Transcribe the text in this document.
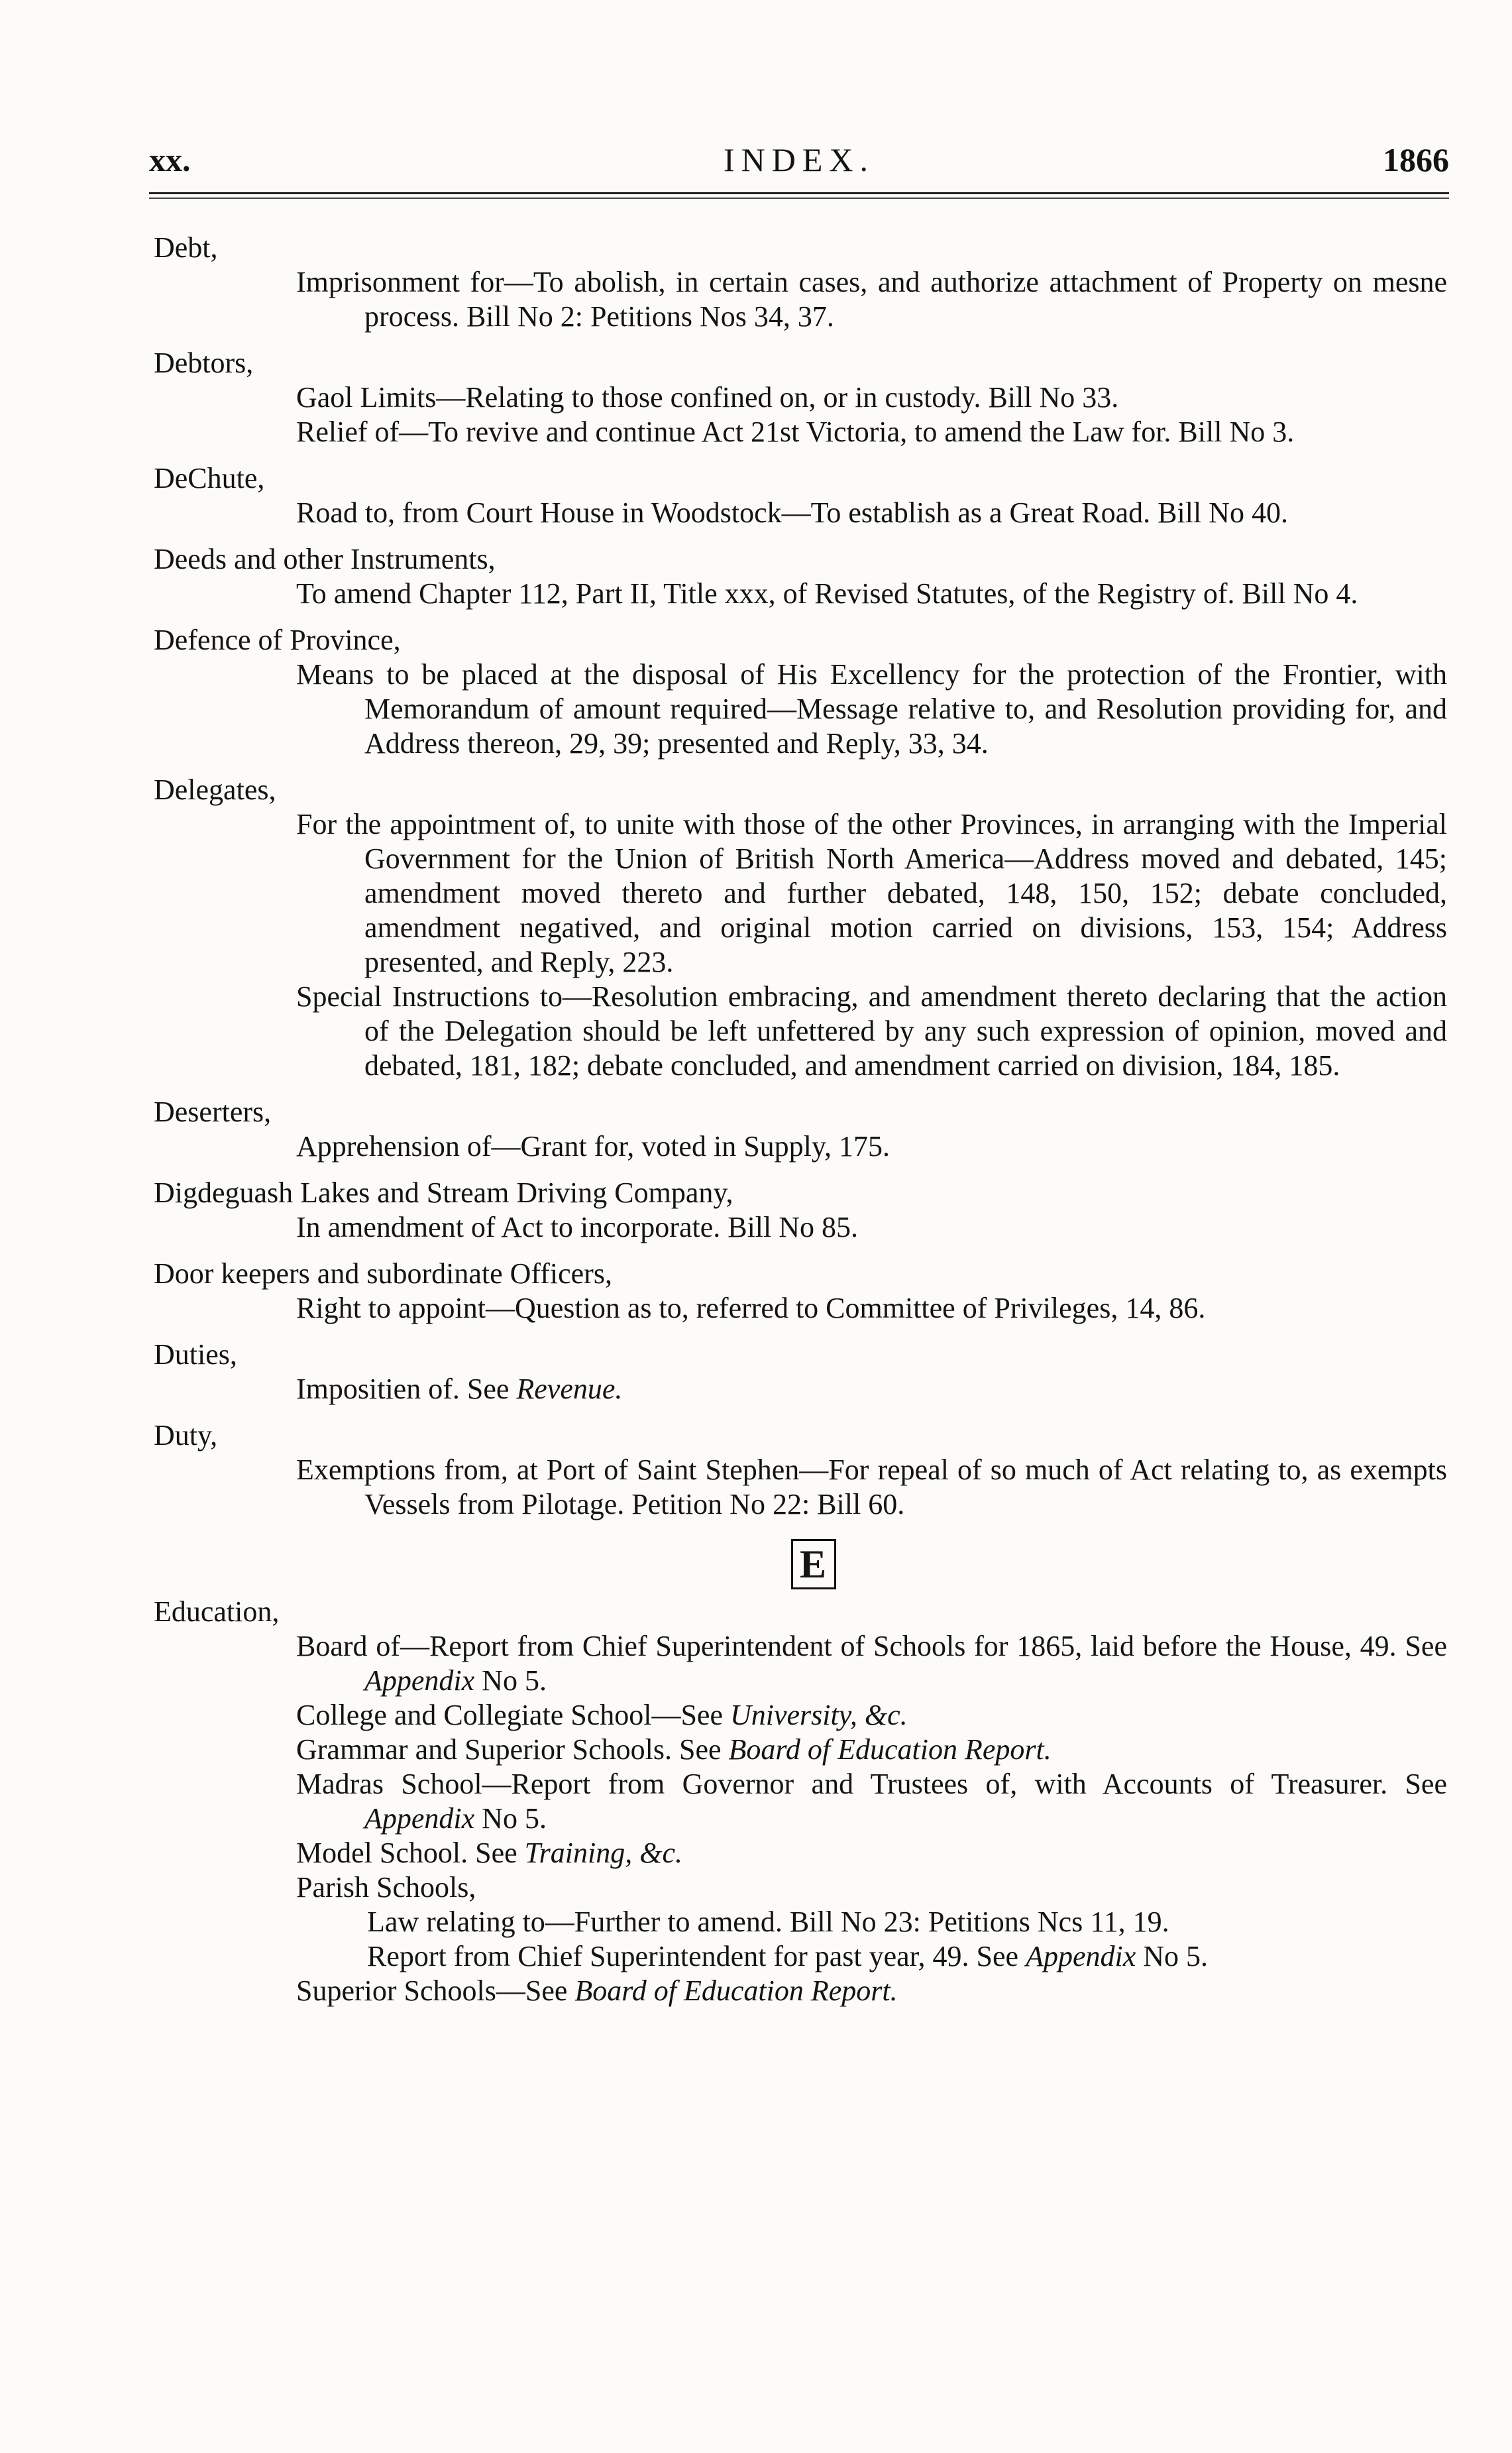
xx.	INDEX.	1866
Debt,
Imprisonment for—To abolish, in certain cases, and authorize attachment of Property on mesne process. Bill No 2: Petitions Nos 34, 37.
Debtors,
Gaol Limits—Relating to those confined on, or in custody. Bill No 33.
Relief of—To revive and continue Act 21st Victoria, to amend the Law for. Bill No 3.
DeChute,
Road to, from Court House in Woodstock—To establish as a Great Road. Bill No 40.
Deeds and other Instruments,
To amend Chapter 112, Part II, Title xxx, of Revised Statutes, of the Registry of. Bill No 4.
Defence of Province,
Means to be placed at the disposal of His Excellency for the protection of the Frontier, with Memorandum of amount required—Message relative to, and Resolution providing for, and Address thereon, 29, 39; presented and Reply, 33, 34.
Delegates,
For the appointment of, to unite with those of the other Provinces, in arranging with the Imperial Government for the Union of British North America—Address moved and debated, 145; amendment moved thereto and further debated, 148, 150, 152; debate concluded, amendment negatived, and original motion carried on divisions, 153, 154; Address presented, and Reply, 223.
Special Instructions to—Resolution embracing, and amendment thereto declaring that the action of the Delegation should be left unfettered by any such expression of opinion, moved and debated, 181, 182; debate concluded, and amendment carried on division, 184, 185.
Deserters,
Apprehension of—Grant for, voted in Supply, 175.
Digdeguash Lakes and Stream Driving Company,
In amendment of Act to incorporate. Bill No 85.
Door keepers and subordinate Officers,
Right to appoint—Question as to, referred to Committee of Privileges, 14, 86.
Duties,
Impositien of. See Revenue.
Duty,
Exemptions from, at Port of Saint Stephen—For repeal of so much of Act relating to, as exempts Vessels from Pilotage. Petition No 22: Bill 60.
E
Education,
Board of—Report from Chief Superintendent of Schools for 1865, laid before the House, 49. See Appendix No 5.
College and Collegiate School—See University, &c.
Grammar and Superior Schools. See Board of Education Report.
Madras School—Report from Governor and Trustees of, with Accounts of Treasurer. See Appendix No 5.
Model School. See Training, &c.
Parish Schools,
Law relating to—Further to amend. Bill No 23: Petitions Ncs 11, 19.
Report from Chief Superintendent for past year, 49. See Appendix No 5.
Superior Schools—See Board of Education Report.
